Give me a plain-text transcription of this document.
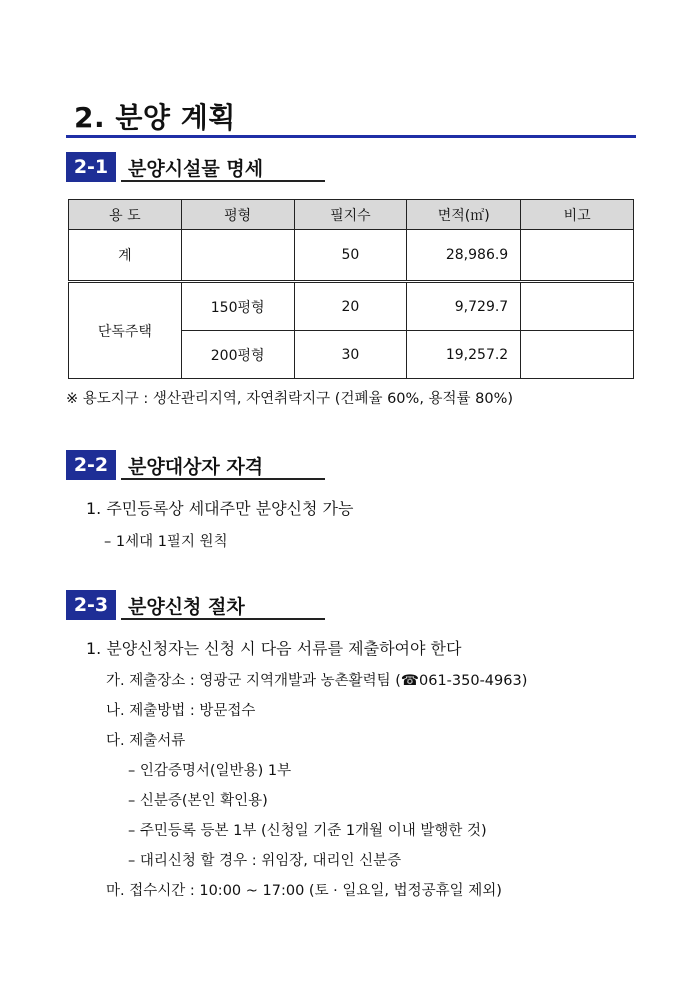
2. 분양 계획
2-1	분양시설물 명세
용 도	평형	필지수	면적(㎡)	비고
계		50	28,986.9	
단독주택	150평형	20	9,729.7	
	200평형	30	19,257.2	
※ 용도지구 : 생산관리지역, 자연취락지구 (건폐율 60%, 용적률 80%)
2-2	분양대상자 자격
1. 주민등록상 세대주만 분양신청 가능
– 1세대 1필지 원칙
2-3	분양신청 절차
1. 분양신청자는 신청 시 다음 서류를 제출하여야 한다
가. 제출장소 : 영광군 지역개발과 농촌활력팀 (☎061-350-4963)
나. 제출방법 : 방문접수
다. 제출서류
– 인감증명서(일반용) 1부
– 신분증(본인 확인용)
– 주민등록 등본 1부 (신청일 기준 1개월 이내 발행한 것)
– 대리신청 할 경우 : 위임장, 대리인 신분증
마. 접수시간 : 10:00 ~ 17:00 (토 · 일요일, 법정공휴일 제외)
